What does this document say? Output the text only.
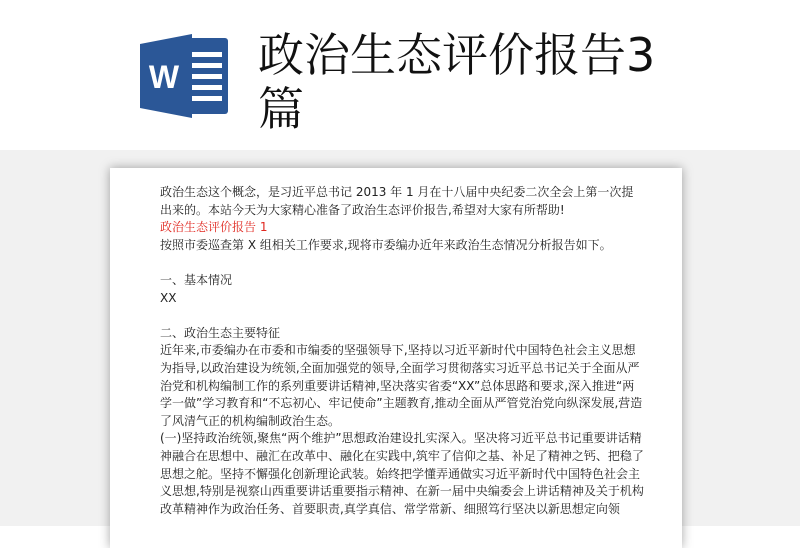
W 政治生态评价报告3篇

政治生态这个概念，是习近平总书记 2013 年 1 月在十八届中央纪委二次全会上第一次提出来的。本站今天为大家精心准备了政治生态评价报告,希望对大家有所帮助!

政治生态评价报告 1

按照市委巡查第 X 组相关工作要求,现将市委编办近年来政治生态情况分析报告如下。

一、基本情况

XX

二、政治生态主要特征

近年来,市委编办在市委和市编委的坚强领导下,坚持以习近平新时代中国特色社会主义思想为指导,以政治建设为统领,全面加强党的领导,全面学习贯彻落实习近平总书记关于全面从严治党和机构编制工作的系列重要讲话精神,坚决落实省委“XX”总体思路和要求,深入推进“两学一做”学习教育和“不忘初心、牢记使命”主题教育,推动全面从严管党治党向纵深发展,营造了风清气正的机构编制政治生态。

(一)坚持政治统领,聚焦“两个维护”思想政治建设扎实深入。坚决将习近平总书记重要讲话精神融合在思想中、融汇在改革中、融化在实践中,筑牢了信仰之基、补足了精神之钙、把稳了思想之舵。坚持不懈强化创新理论武装。始终把学懂弄通做实习近平新时代中国特色社会主义思想,特别是视察山西重要讲话重要指示精神、在新一届中央编委会上讲话精神及关于机构改革精神作为政治任务、首要职责,真学真信、常学常新、细照笃行坚决以新思想定向领
